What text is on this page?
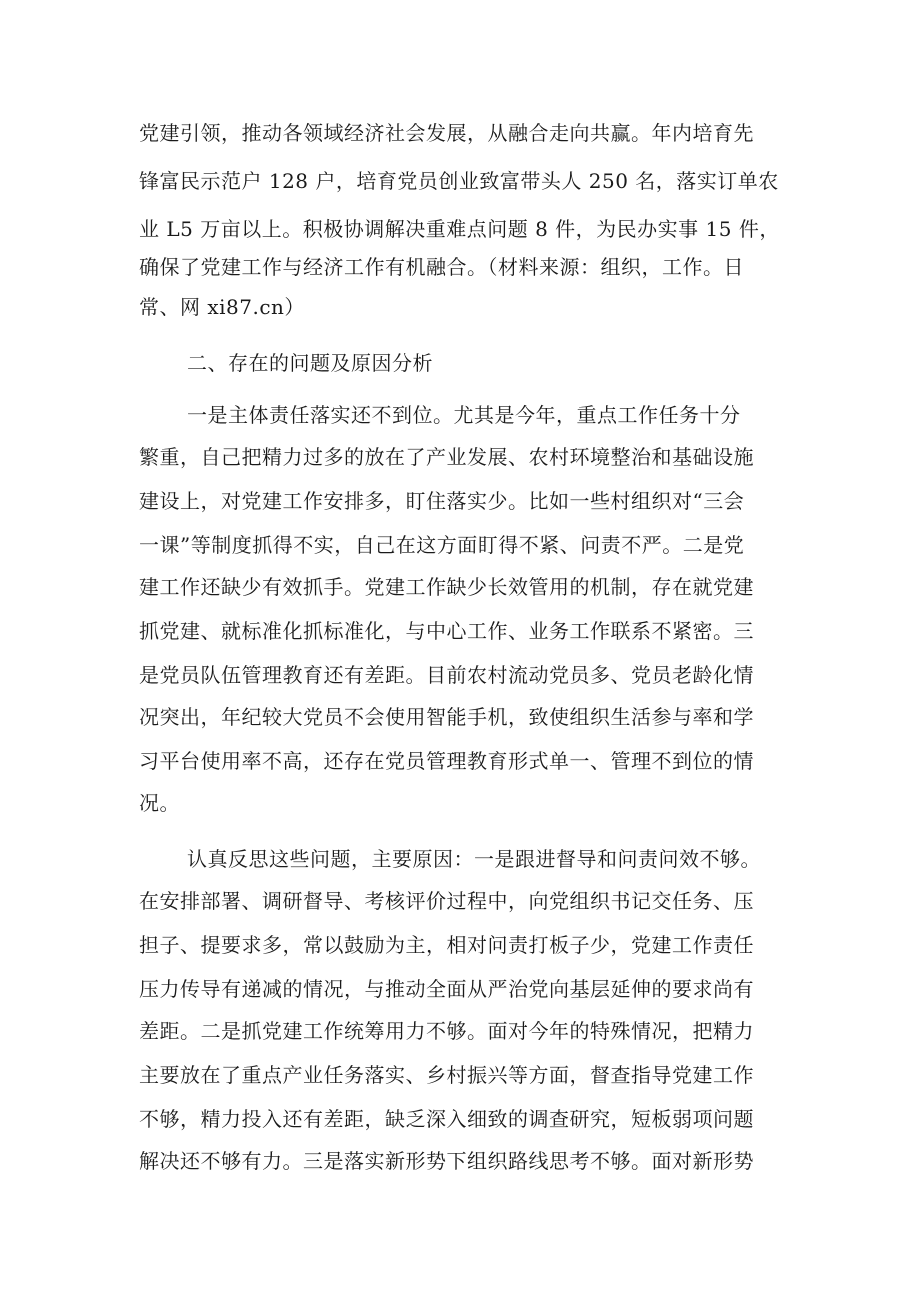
党建引领，推动各领域经济社会发展，从融合走向共赢。年内培育先
锋富民示范户 128 户，培育党员创业致富带头人 250 名，落实订单农
业 L5 万亩以上。积极协调解决重难点问题 8 件，为民办实事 15 件，
确保了党建工作与经济工作有机融合。（材料来源：组织，工作。日
常、网 xi87.cn）
二、存在的问题及原因分析
一是主体责任落实还不到位。尤其是今年，重点工作任务十分
繁重，自己把精力过多的放在了产业发展、农村环境整治和基础设施
建设上，对党建工作安排多，盯住落实少。比如一些村组织对“三会
一课”等制度抓得不实，自己在这方面盯得不紧、问责不严。二是党
建工作还缺少有效抓手。党建工作缺少长效管用的机制，存在就党建
抓党建、就标准化抓标准化，与中心工作、业务工作联系不紧密。三
是党员队伍管理教育还有差距。目前农村流动党员多、党员老龄化情
况突出，年纪较大党员不会使用智能手机，致使组织生活参与率和学
习平台使用率不高，还存在党员管理教育形式单一、管理不到位的情
况。
认真反思这些问题，主要原因：一是跟进督导和问责问效不够。
在安排部署、调研督导、考核评价过程中，向党组织书记交任务、压
担子、提要求多，常以鼓励为主，相对问责打板子少，党建工作责任
压力传导有递减的情况，与推动全面从严治党向基层延伸的要求尚有
差距。二是抓党建工作统筹用力不够。面对今年的特殊情况，把精力
主要放在了重点产业任务落实、乡村振兴等方面，督查指导党建工作
不够，精力投入还有差距，缺乏深入细致的调查研究，短板弱项问题
解决还不够有力。三是落实新形势下组织路线思考不够。面对新形势
